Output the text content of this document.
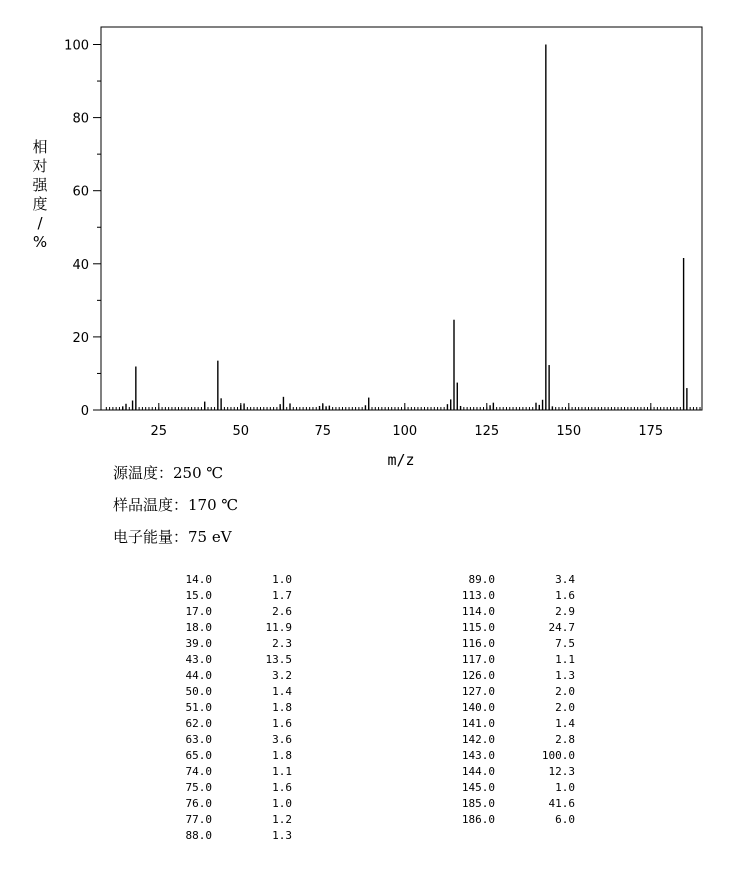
25	50	75	100	125	150	175
0
20
40
60
80
100
m/z
相对强度/ %
源温度：250 ℃
样品温度：170 ℃
电子能量：75 eV
14.0	1.0
15.0	1.7
17.0	2.6
18.0	11.9
39.0	2.3
43.0	13.5
44.0	3.2
50.0	1.4
51.0	1.8
62.0	1.6
63.0	3.6
65.0	1.8
74.0	1.1
75.0	1.6
76.0	1.0
77.0	1.2
88.0	1.3
89.0	3.4
113.0	1.6
114.0	2.9
115.0	24.7
116.0	7.5
117.0	1.1
126.0	1.3
127.0	2.0
140.0	2.0
141.0	1.4
142.0	2.8
143.0	100.0
144.0	12.3
145.0	1.0
185.0	41.6
186.0	6.0
